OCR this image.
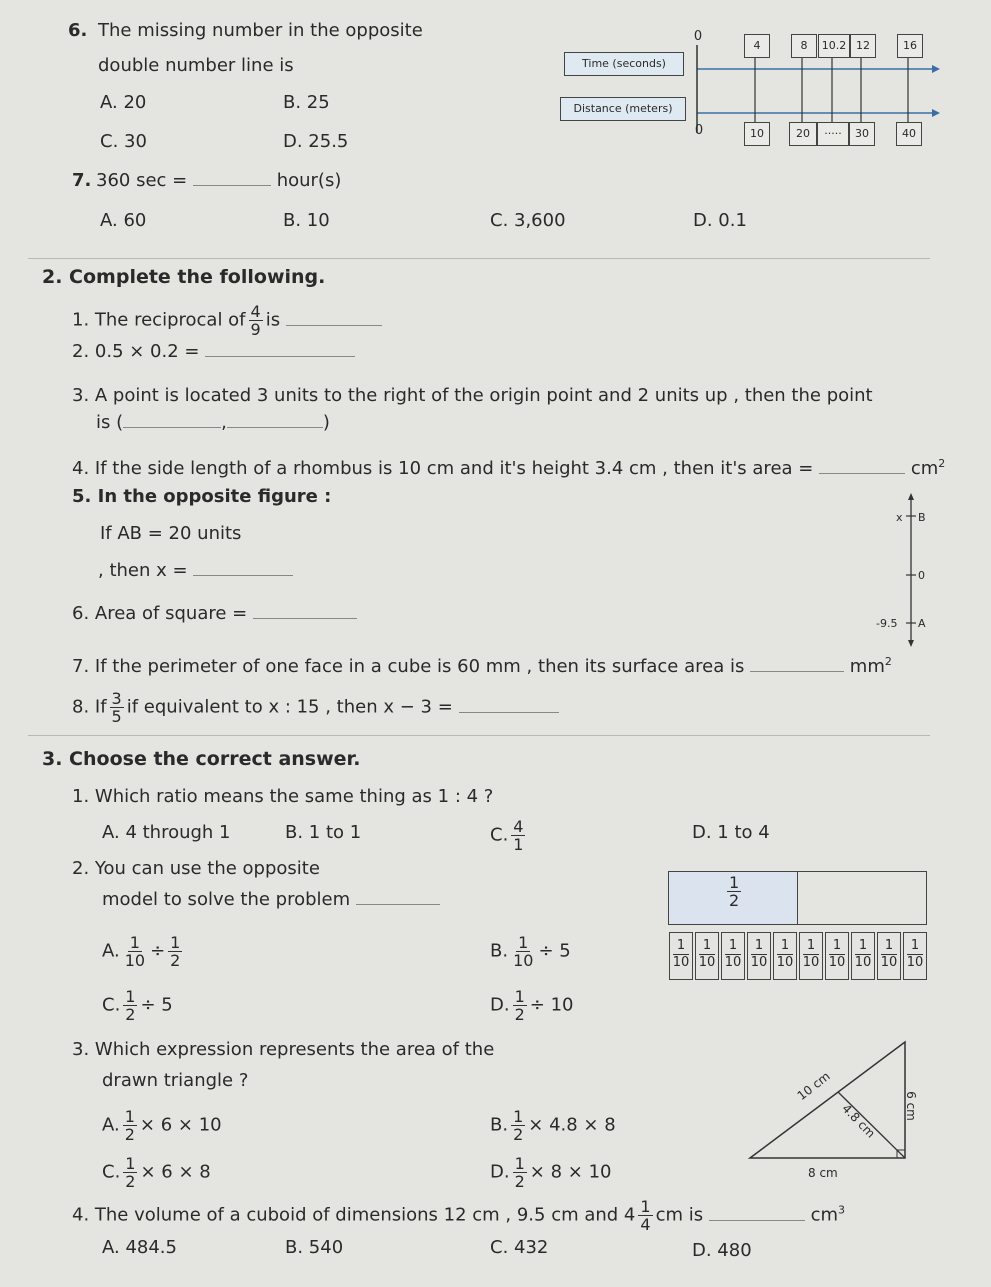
6. The missing number in the opposite
double number line is
A. 20	B. 25
C. 30	D. 25.5
Time (seconds)
Distance (meters)
0
4	8	10.2 12	16
0	10	20	·····	30	40
7. 360 sec =	hour(s)
A. 60	B. 10	C. 3,600	D. 0.1
2. Complete the following.
1. The reciprocal of $\frac{4}{9}$ is
2. 0.5 × 0.2 =
3. A point is located 3 units to the right of the origin point and 2 units up , then the point
is (	,	)
4. If the side length of a rhombus is 10 cm and it's height 3.4 cm , then it's area =	$cm^2$
5. In the opposite figure :
If AB = 20 units
, then x =
6. Area of square =
x B
0
-9.5 A
7. If the perimeter of one face in a cube is 60 mm , then its surface area is	$mm^2$
8. If $\frac{3}{5}$ if equivalent to x : 15 , then x − 3 =
3. Choose the correct answer.
1. Which ratio means the same thing as 1 : 4 ?
A. 4 through 1	B. 1 to 1	C. $\frac{4}{1}$	D. 1 to 4
2. You can use the opposite
model to solve the problem	$\frac{1}{2}$
1
10
1
10
1
10
1
10
1
10
1
10
1
10
1
10
1
10
1
10
A. $\frac{1}{10} \div \frac{1}{2}$	B. $\frac{1}{10} \div 5$
C. $\frac{1}{2} \div 5$	D. $\frac{1}{2} \div 10$
3. Which expression represents the area of the
drawn triangle ?	10 cm
4.8 cm	6 cm
8 cm
A. $\frac{1}{2} \times 6 \times 10$	B. $\frac{1}{2} \times 4.8 \times 8$
C. $\frac{1}{2} \times 6 \times 8$	D. $\frac{1}{2} \times 8 \times 10$
4. The volume of a cuboid of dimensions 12 cm , 9.5 cm and $4 \frac{1}{4}$ cm is	$cm^3$
A. 484.5	B. 540	C. 432	D. 480
